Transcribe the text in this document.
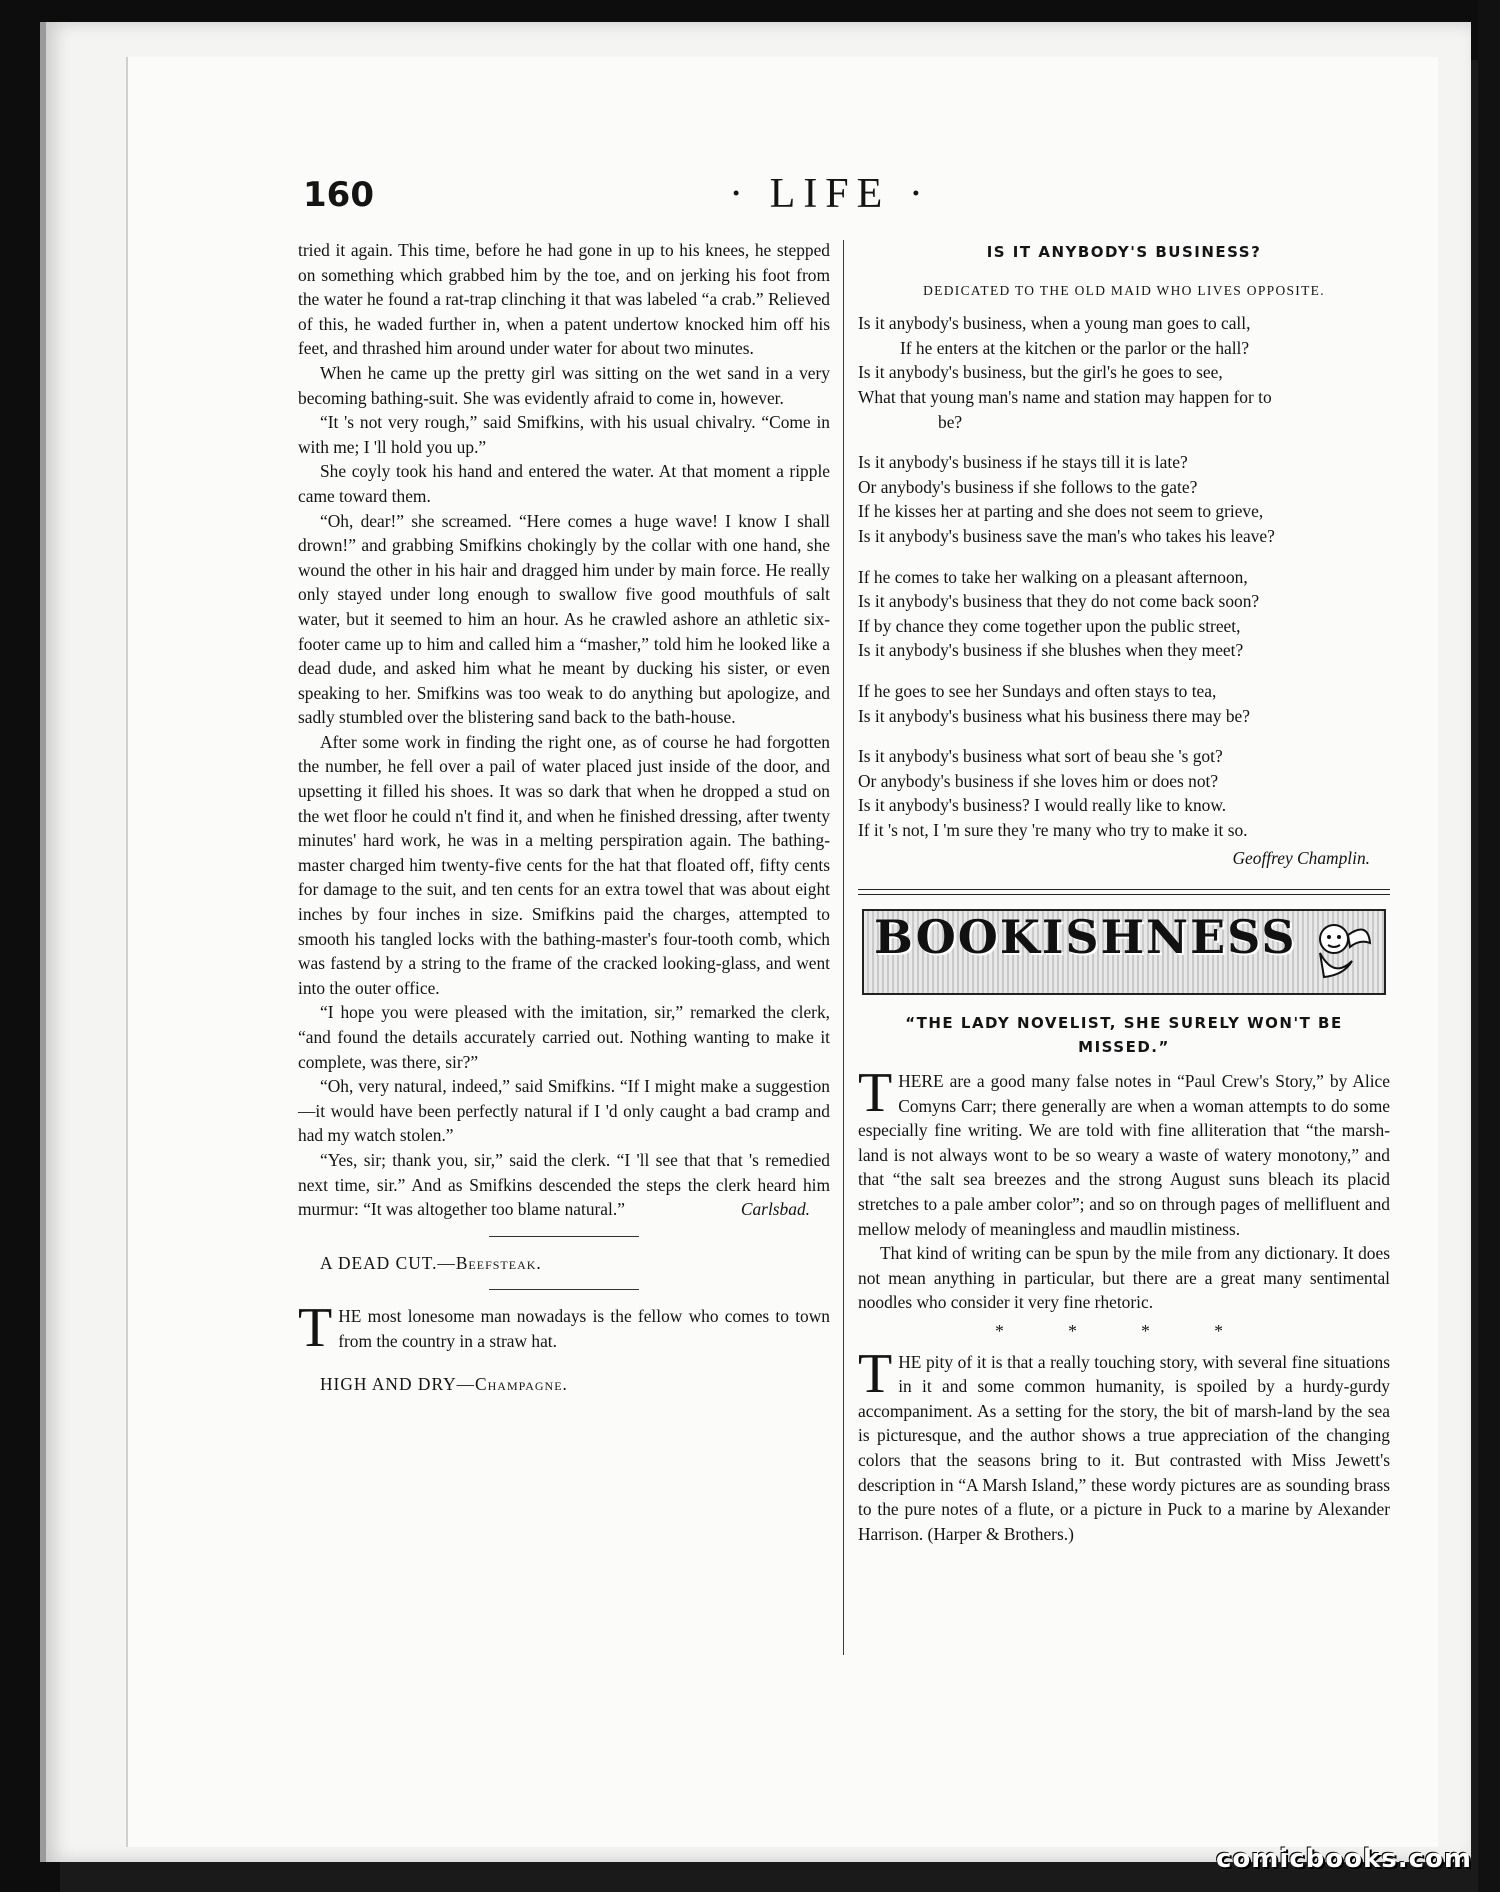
160	· LIFE ·

tried it again. This time, before he had gone in up to his knees, he stepped on something which grabbed him by the toe, and on jerking his foot from the water he found a rat-trap clinching it that was labeled “a crab.” Relieved of this, he waded further in, when a patent undertow knocked him off his feet, and thrashed him around under water for about two minutes.

When he came up the pretty girl was sitting on the wet sand in a very becoming bathing-suit. She was evidently afraid to come in, however.

“It 's not very rough,” said Smifkins, with his usual chivalry. “Come in with me; I 'll hold you up.”

She coyly took his hand and entered the water. At that moment a ripple came toward them.

“Oh, dear!” she screamed. “Here comes a huge wave! I know I shall drown!” and grabbing Smifkins chokingly by the collar with one hand, she wound the other in his hair and dragged him under by main force. He really only stayed under long enough to swallow five good mouthfuls of salt water, but it seemed to him an hour. As he crawled ashore an athletic six-footer came up to him and called him a “masher,” told him he looked like a dead dude, and asked him what he meant by ducking his sister, or even speaking to her. Smifkins was too weak to do anything but apologize, and sadly stumbled over the blistering sand back to the bath-house.

After some work in finding the right one, as of course he had forgotten the number, he fell over a pail of water placed just inside of the door, and upsetting it filled his shoes. It was so dark that when he dropped a stud on the wet floor he could n't find it, and when he finished dressing, after twenty minutes' hard work, he was in a melting perspiration again. The bathing-master charged him twenty-five cents for the hat that floated off, fifty cents for damage to the suit, and ten cents for an extra towel that was about eight inches by four inches in size. Smifkins paid the charges, attempted to smooth his tangled locks with the bathing-master's four-tooth comb, which was fastend by a string to the frame of the cracked looking-glass, and went into the outer office.

“I hope you were pleased with the imitation, sir,” remarked the clerk, “and found the details accurately carried out. Nothing wanting to make it complete, was there, sir?”

“Oh, very natural, indeed,” said Smifkins. “If I might make a suggestion—it would have been perfectly natural if I 'd only caught a bad cramp and had my watch stolen.”

“Yes, sir; thank you, sir,” said the clerk. “I 'll see that that 's remedied next time, sir.” And as Smifkins descended the steps the clerk heard him murmur: “It was altogether too blame natural.”	Carlsbad.

A DEAD CUT.—Beefsteak.

T HE most lonesome man nowadays is the fellow who comes to town from the country in a straw hat.

HIGH AND DRY—Champagne.

IS IT ANYBODY'S BUSINESS?
DEDICATED TO THE OLD MAID WHO LIVES OPPOSITE.
Is it anybody's business, when a young man goes to call,
If he enters at the kitchen or the parlor or the hall?
Is it anybody's business, but the girl's he goes to see,
What that young man's name and station may happen for to
be?
Is it anybody's business if he stays till it is late?
Or anybody's business if she follows to the gate?
If he kisses her at parting and she does not seem to grieve,
Is it anybody's business save the man's who takes his leave?
If he comes to take her walking on a pleasant afternoon,
Is it anybody's business that they do not come back soon?
If by chance they come together upon the public street,
Is it anybody's business if she blushes when they meet?
If he goes to see her Sundays and often stays to tea,
Is it anybody's business what his business there may be?
Is it anybody's business what sort of beau she 's got?
Or anybody's business if she loves him or does not?
Is it anybody's business? I would really like to know.
If it 's not, I 'm sure they 're many who try to make it so.
Geoffrey Champlin.
BOOKISHNESS
“THE LADY NOVELIST, SHE SURELY WON'T BE MISSED.”

T HERE are a good many false notes in “Paul Crew's Story,” by Alice Comyns Carr; there generally are when a woman attempts to do some especially fine writing. We are told with fine alliteration that “the marsh-land is not always wont to be so weary a waste of watery monotony,” and that “the salt sea breezes and the strong August suns bleach its placid stretches to a pale amber color”; and so on through pages of mellifluent and mellow melody of meaningless and maudlin mistiness.

That kind of writing can be spun by the mile from any dictionary. It does not mean anything in particular, but there are a great many sentimental noodles who consider it very fine rhetoric.

* * * *

T HE pity of it is that a really touching story, with several fine situations in it and some common humanity, is spoiled by a hurdy-gurdy accompaniment. As a setting for the story, the bit of marsh-land by the sea is picturesque, and the author shows a true appreciation of the changing colors that the seasons bring to it. But contrasted with Miss Jewett's description in “A Marsh Island,” these wordy pictures are as sounding brass to the pure notes of a flute, or a picture in Puck to a marine by Alexander Harrison. (Harper & Brothers.)

comicbooks.com
